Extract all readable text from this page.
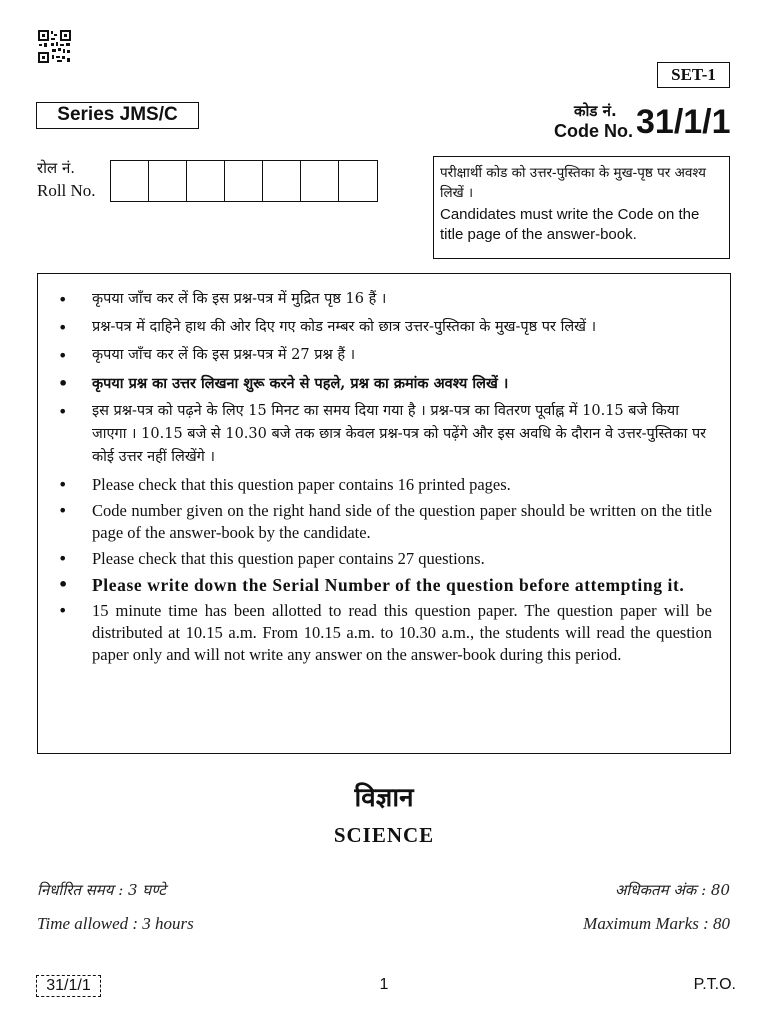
SET-1
Series JMS/C	कोड नं.
Code No. 31/1/1
रोल नं.
Roll No.
परीक्षार्थी कोड को उत्तर-पुस्तिका के मुख-पृष्ठ पर अवश्य लिखें ।
Candidates must write the Code on the title page of the answer-book.
• कृपया जाँच कर लें कि इस प्रश्न-पत्र में मुद्रित पृष्ठ 16 हैं ।
• प्रश्न-पत्र में दाहिने हाथ की ओर दिए गए कोड नम्बर को छात्र उत्तर-पुस्तिका के मुख-पृष्ठ पर लिखें ।
• कृपया जाँच कर लें कि इस प्रश्न-पत्र में 27 प्रश्न हैं ।
• कृपया प्रश्न का उत्तर लिखना शुरू करने से पहले, प्रश्न का क्रमांक अवश्य लिखें ।
• इस प्रश्न-पत्र को पढ़ने के लिए 15 मिनट का समय दिया गया है । प्रश्न-पत्र का वितरण पूर्वाह्न में 10.15 बजे किया जाएगा । 10.15 बजे से 10.30 बजे तक छात्र केवल प्रश्न-पत्र को पढ़ेंगे और इस अवधि के दौरान वे उत्तर-पुस्तिका पर कोई उत्तर नहीं लिखेंगे ।
• Please check that this question paper contains 16 printed pages.
• Code number given on the right hand side of the question paper should be written on the title page of the answer-book by the candidate.
• Please check that this question paper contains 27 questions.
• Please write down the Serial Number of the question before attempting it.
• 15 minute time has been allotted to read this question paper. The question paper will be distributed at 10.15 a.m. From 10.15 a.m. to 10.30 a.m., the students will read the question paper only and will not write any answer on the answer-book during this period.
विज्ञान
SCIENCE
निर्धारित समय : 3 घण्टे
Time allowed : 3 hours
अधिकतम अंक : 80
Maximum Marks : 80
31/1/1	1	P.T.O.
